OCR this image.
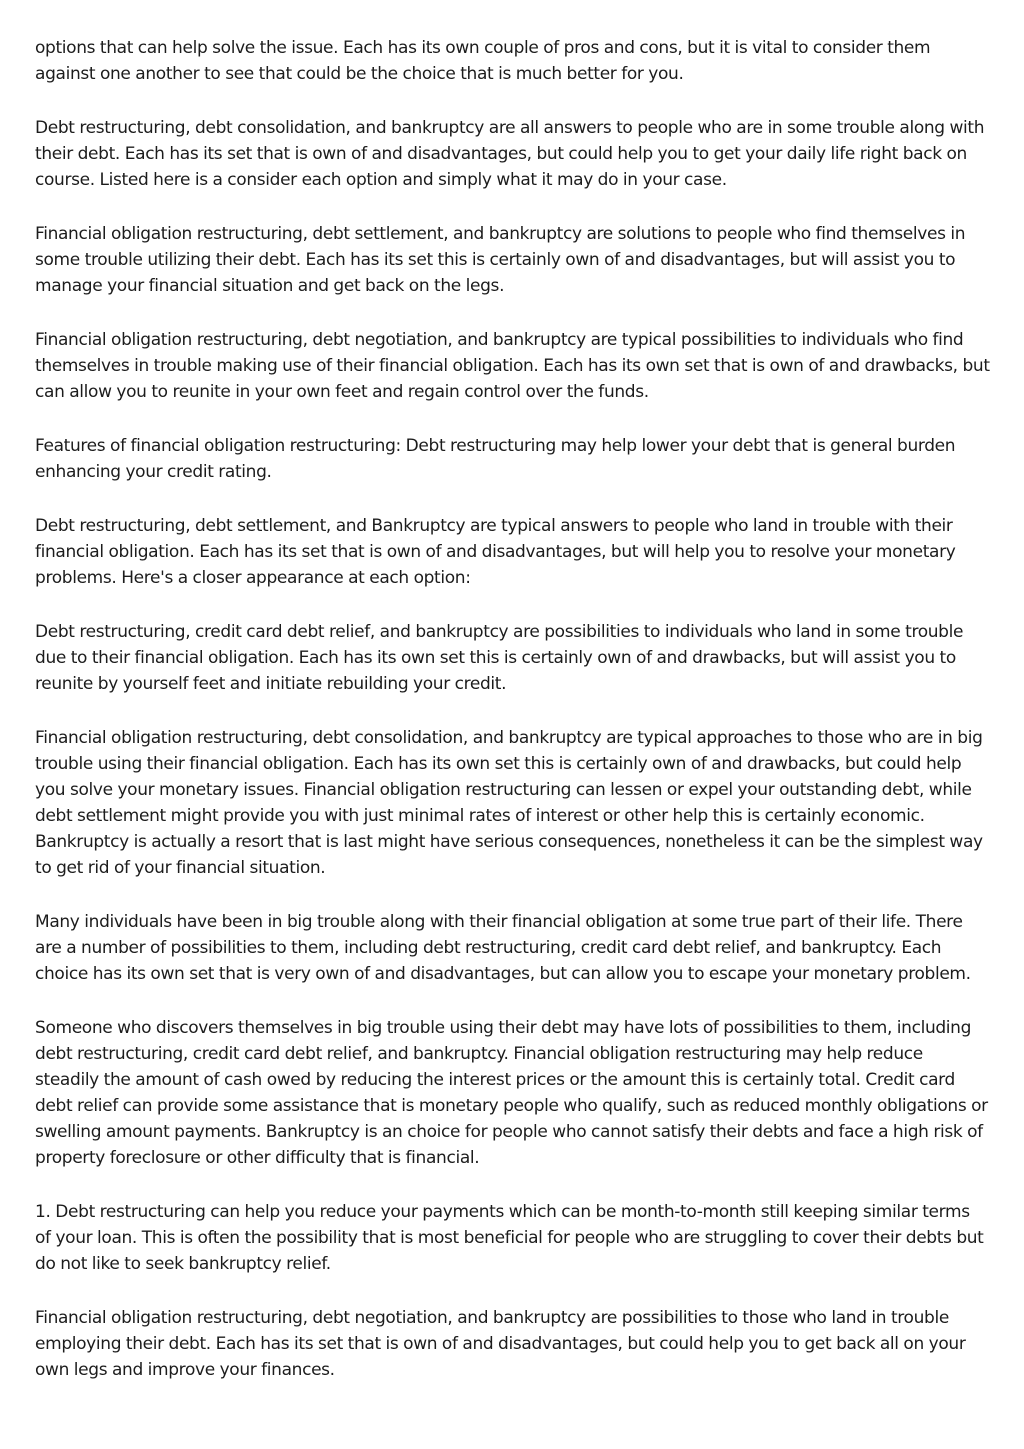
options that can help solve the issue. Each has its own couple of pros and cons, but it is vital to consider them against one another to see that could be the choice that is much better for you.

Debt restructuring, debt consolidation, and bankruptcy are all answers to people who are in some trouble along with their debt. Each has its set that is own of and disadvantages, but could help you to get your daily life right back on course. Listed here is a consider each option and simply what it may do in your case.

Financial obligation restructuring, debt settlement, and bankruptcy are solutions to people who find themselves in some trouble utilizing their debt. Each has its set this is certainly own of and disadvantages, but will assist you to manage your financial situation and get back on the legs.

Financial obligation restructuring, debt negotiation, and bankruptcy are typical possibilities to individuals who find themselves in trouble making use of their financial obligation. Each has its own set that is own of and drawbacks, but can allow you to reunite in your own feet and regain control over the funds.

Features of financial obligation restructuring: Debt restructuring may help lower your debt that is general burden enhancing your credit rating.

Debt restructuring, debt settlement, and Bankruptcy are typical answers to people who land in trouble with their financial obligation. Each has its set that is own of and disadvantages, but will help you to resolve your monetary problems. Here's a closer appearance at each option:

Debt restructuring, credit card debt relief, and bankruptcy are possibilities to individuals who land in some trouble due to their financial obligation. Each has its own set this is certainly own of and drawbacks, but will assist you to reunite by yourself feet and initiate rebuilding your credit.

Financial obligation restructuring, debt consolidation, and bankruptcy are typical approaches to those who are in big trouble using their financial obligation. Each has its own set this is certainly own of and drawbacks, but could help you solve your monetary issues. Financial obligation restructuring can lessen or expel your outstanding debt, while debt settlement might provide you with just minimal rates of interest or other help this is certainly economic. Bankruptcy is actually a resort that is last might have serious consequences, nonetheless it can be the simplest way to get rid of your financial situation.

Many individuals have been in big trouble along with their financial obligation at some true part of their life. There are a number of possibilities to them, including debt restructuring, credit card debt relief, and bankruptcy. Each choice has its own set that is very own of and disadvantages, but can allow you to escape your monetary problem.

Someone who discovers themselves in big trouble using their debt may have lots of possibilities to them, including debt restructuring, credit card debt relief, and bankruptcy. Financial obligation restructuring may help reduce steadily the amount of cash owed by reducing the interest prices or the amount this is certainly total. Credit card debt relief can provide some assistance that is monetary people who qualify, such as reduced monthly obligations or swelling amount payments. Bankruptcy is an choice for people who cannot satisfy their debts and face a high risk of property foreclosure or other difficulty that is financial.

1. Debt restructuring can help you reduce your payments which can be month-to-month still keeping similar terms of your loan. This is often the possibility that is most beneficial for people who are struggling to cover their debts but do not like to seek bankruptcy relief.

Financial obligation restructuring, debt negotiation, and bankruptcy are possibilities to those who land in trouble employing their debt. Each has its set that is own of and disadvantages, but could help you to get back all on your own legs and improve your finances.
